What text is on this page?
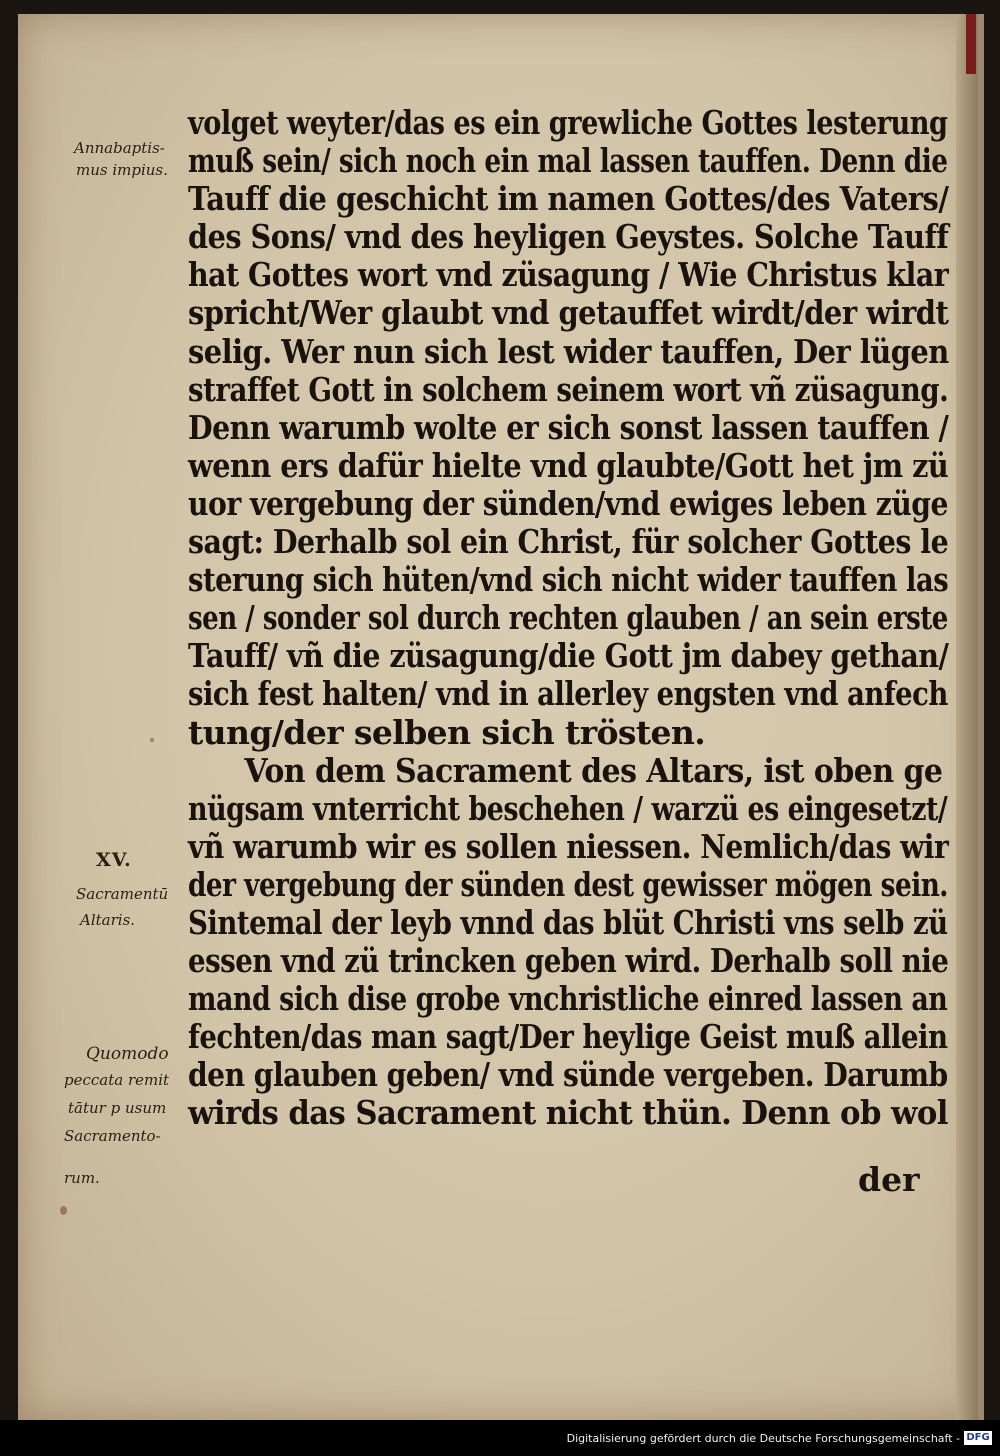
Annabaptis-
mus impius.
XV.
Sacramentū
Altaris.
Quomodo
peccata remit
tātur p usum
Sacramento-
rum.
volget weyter/das es ein grewliche Gottes lesterung
muß sein/ sich noch ein mal lassen tauffen. Denn die
Tauff die geschicht im namen Gottes/des Vaters/
des Sons/ vnd des heyligen Geystes. Solche Tauff
hat Gottes wort vnd züsagung / Wie Christus klar
spricht/Wer glaubt vnd getauffet wirdt/der wirdt
selig. Wer nun sich lest wider tauffen, Der lügen
straffet Gott in solchem seinem wort vñ züsagung.
Denn warumb wolte er sich sonst lassen tauffen /
wenn ers dafür hielte vnd glaubte/Gott het jm zü
uor vergebung der sünden/vnd ewiges leben züge
sagt: Derhalb sol ein Christ, für solcher Gottes le
sterung sich hüten/vnd sich nicht wider tauffen las
sen / sonder sol durch rechten glauben / an sein erste
Tauff/ vñ die züsagung/die Gott jm dabey gethan/
sich fest halten/ vnd in allerley engsten vnd anfech
tung/der selben sich trösten.
Von dem Sacrament des Altars, ist oben ge
nügsam vnterricht beschehen / warzü es eingesetzt/
vñ warumb wir es sollen niessen. Nemlich/das wir
der vergebung der sünden dest gewisser mögen sein.
Sintemal der leyb vnnd das blüt Christi vns selb zü
essen vnd zü trincken geben wird. Derhalb soll nie
mand sich dise grobe vnchristliche einred lassen an
fechten/das man sagt/Der heylige Geist muß allein
den glauben geben/ vnd sünde vergeben. Darumb
wirds das Sacrament nicht thün. Denn ob wol
der
Digitalisierung gefördert durch die Deutsche Forschungsgemeinschaft - DFG
